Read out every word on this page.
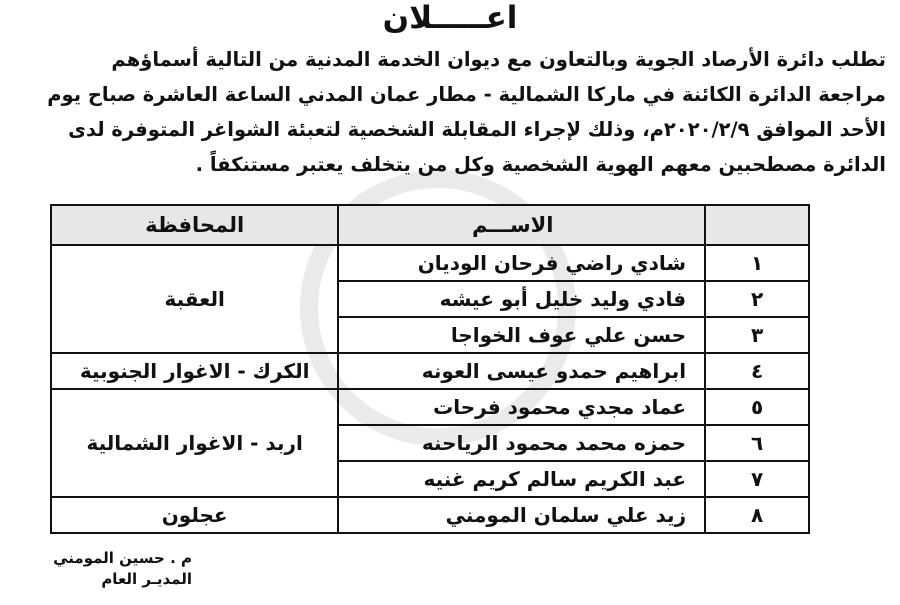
اعـــــلان

تطلب دائرة الأرصاد الجوية وبالتعاون مع ديوان الخدمة المدنية من التالية أسماؤهم

مراجعة الدائرة الكائنة في ماركا الشمالية - مطار عمان المدني الساعة العاشرة صباح يوم

الأحد الموافق ٢٠٢٠/٢/٩م، وذلك لإجراء المقابلة الشخصية لتعبئة الشواغر المتوفرة لدى

الدائرة مصطحبين معهم الهوية الشخصية وكل من يتخلف يعتبر مستنكفاً .

	الاســـم	المحافظة
١	شادي راضي فرحان الوديان	العقبة
٢	فادي وليد خليل أبو عيشه	
٣	حسن علي عوف الخواجا	
٤	ابراهيم حمدو عيسى العونه	الكرك - الاغوار الجنوبية
٥	عماد مجدي محمود فرحات	اربد - الاغوار الشمالية
٦	حمزه محمد محمود الرياحنه	
٧	عبد الكريم سالم كريم غنيه	
٨	زيد علي سلمان المومني	عجلون
م . حسين المومني
المديـر العام
